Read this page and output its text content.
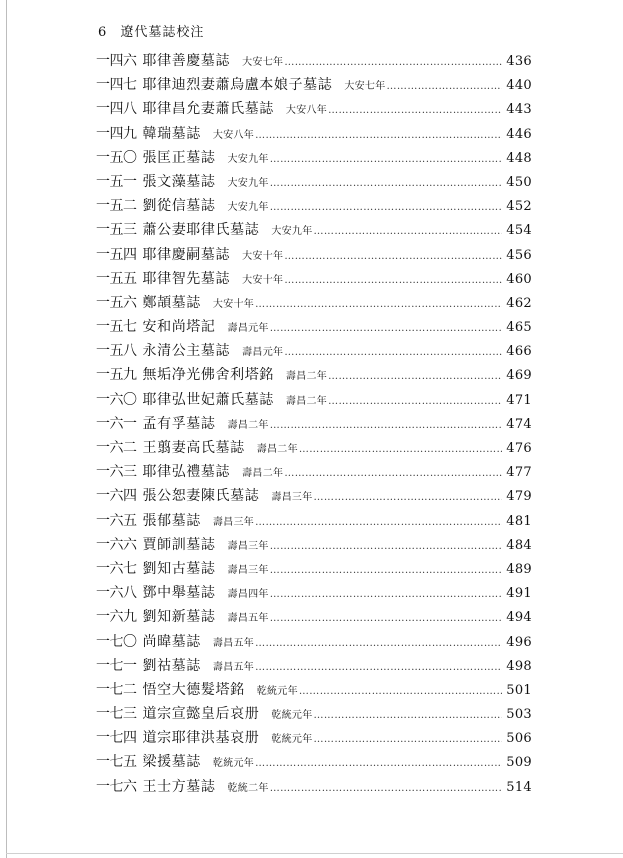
6 遼代墓誌校注
一四六 耶律善慶墓誌 大安七年 ……………………………………………………………………………………………………………………………………………………………	436
一四七 耶律迪烈妻蕭烏盧本娘子墓誌 大安七年 ……………………………………………………………………………………………………………………………………………………………	440
一四八 耶律昌允妻蕭氏墓誌 大安八年 ……………………………………………………………………………………………………………………………………………………………	443
一四九 韓瑞墓誌 大安八年 ……………………………………………………………………………………………………………………………………………………………	446
一五〇 張匡正墓誌 大安九年 ……………………………………………………………………………………………………………………………………………………………	448
一五一 張文藻墓誌 大安九年 ……………………………………………………………………………………………………………………………………………………………	450
一五二 劉從信墓誌 大安九年 ……………………………………………………………………………………………………………………………………………………………	452
一五三 蕭公妻耶律氏墓誌 大安九年 ……………………………………………………………………………………………………………………………………………………………	454
一五四 耶律慶嗣墓誌 大安十年 ……………………………………………………………………………………………………………………………………………………………	456
一五五 耶律智先墓誌 大安十年 ……………………………………………………………………………………………………………………………………………………………	460
一五六 鄭頡墓誌 大安十年 ……………………………………………………………………………………………………………………………………………………………	462
一五七 安和尚塔記 壽昌元年 ……………………………………………………………………………………………………………………………………………………………	465
一五八 永清公主墓誌 壽昌元年 ……………………………………………………………………………………………………………………………………………………………	466
一五九 無垢净光佛舍利塔銘 壽昌二年 ……………………………………………………………………………………………………………………………………………………………	469
一六〇 耶律弘世妃蕭氏墓誌 壽昌二年 ……………………………………………………………………………………………………………………………………………………………	471
一六一 孟有孚墓誌 壽昌二年 ……………………………………………………………………………………………………………………………………………………………	474
一六二 王翦妻高氏墓誌 壽昌二年 ……………………………………………………………………………………………………………………………………………………………	476
一六三 耶律弘禮墓誌 壽昌二年 ……………………………………………………………………………………………………………………………………………………………	477
一六四 張公恕妻陳氏墓誌 壽昌三年 ……………………………………………………………………………………………………………………………………………………………	479
一六五 張郁墓誌 壽昌三年 ……………………………………………………………………………………………………………………………………………………………	481
一六六 賈師訓墓誌 壽昌三年 ……………………………………………………………………………………………………………………………………………………………	484
一六七 劉知古墓誌 壽昌三年 ……………………………………………………………………………………………………………………………………………………………	489
一六八 鄧中舉墓誌 壽昌四年 ……………………………………………………………………………………………………………………………………………………………	491
一六九 劉知新墓誌 壽昌五年 ……………………………………………………………………………………………………………………………………………………………	494
一七〇 尚暐墓誌 壽昌五年 ……………………………………………………………………………………………………………………………………………………………	496
一七一 劉祜墓誌 壽昌五年 ……………………………………………………………………………………………………………………………………………………………	498
一七二 悟空大德髮塔銘 乾統元年 ……………………………………………………………………………………………………………………………………………………………	501
一七三 道宗宣懿皇后哀册 乾統元年 ……………………………………………………………………………………………………………………………………………………………	503
一七四 道宗耶律洪基哀册 乾統元年 ……………………………………………………………………………………………………………………………………………………………	506
一七五 梁援墓誌 乾統元年 ……………………………………………………………………………………………………………………………………………………………	509
一七六 王士方墓誌 乾統二年 ……………………………………………………………………………………………………………………………………………………………	514
